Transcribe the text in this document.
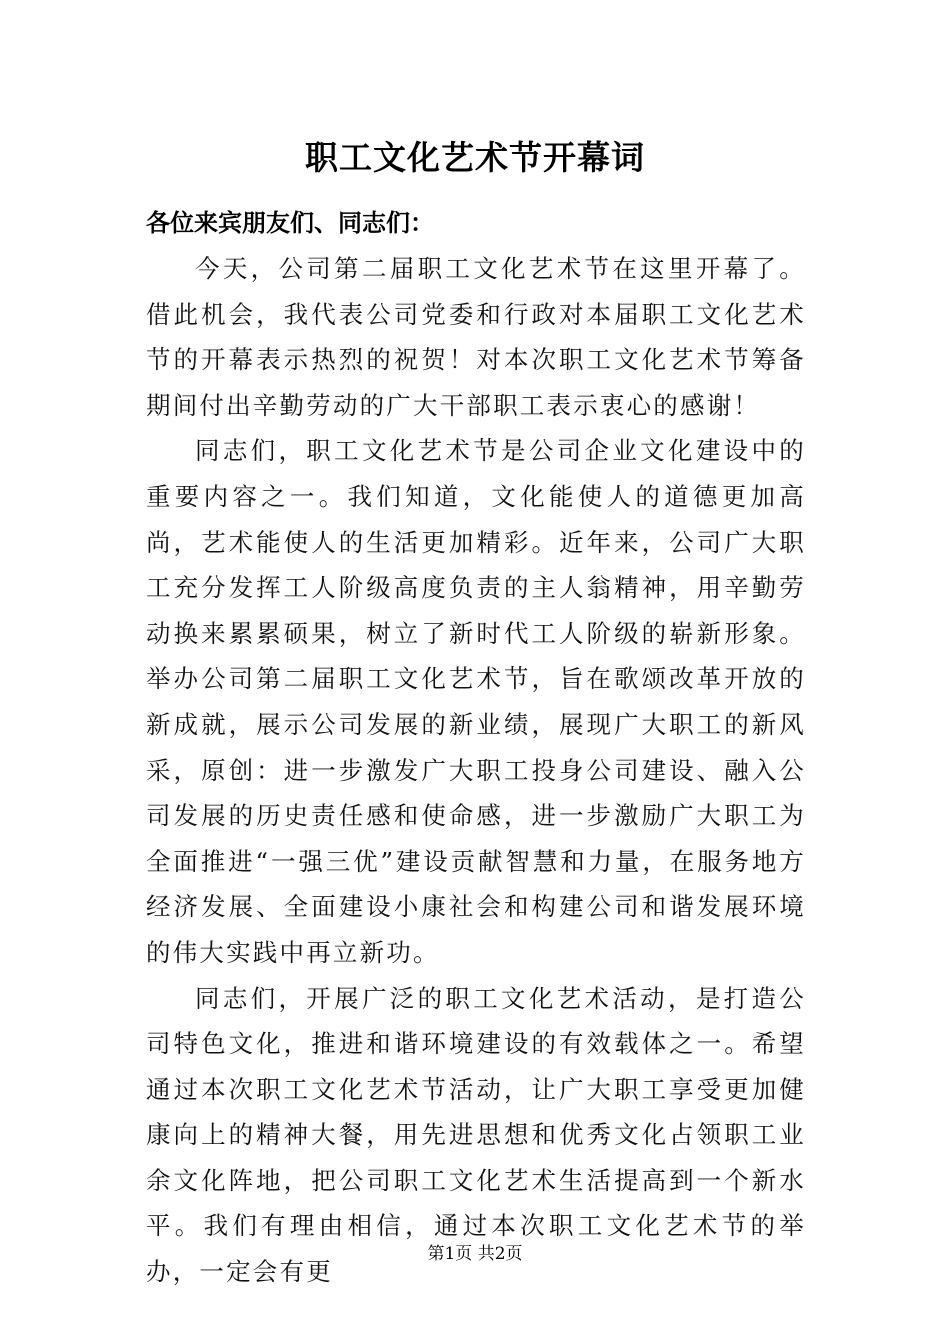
职工文化艺术节开幕词
各位来宾朋友们、同志们：

今天，公司第二届职工文化艺术节在这里开幕了。借此机会，我代表公司党委和行政对本届职工文化艺术节的开幕表示热烈的祝贺！对本次职工文化艺术节筹备期间付出辛勤劳动的广大干部职工表示衷心的感谢！

同志们，职工文化艺术节是公司企业文化建设中的重要内容之一。我们知道，文化能使人的道德更加高尚，艺术能使人的生活更加精彩。近年来，公司广大职工充分发挥工人阶级高度负责的主人翁精神，用辛勤劳动换来累累硕果，树立了新时代工人阶级的崭新形象。举办公司第二届职工文化艺术节，旨在歌颂改革开放的新成就，展示公司发展的新业绩，展现广大职工的新风采，原创：进一步激发广大职工投身公司建设、融入公司发展的历史责任感和使命感，进一步激励广大职工为全面推进“一强三优”建设贡献智慧和力量，在服务地方经济发展、全面建设小康社会和构建公司和谐发展环境的伟大实践中再立新功。

同志们，开展广泛的职工文化艺术活动，是打造公司特色文化，推进和谐环境建设的有效载体之一。希望通过本次职工文化艺术节活动，让广大职工享受更加健康向上的精神大餐，用先进思想和优秀文化占领职工业余文化阵地，把公司职工文化艺术生活提高到一个新水平。我们有理由相信，通过本次职工文化艺术节的举办，一定会有更

第1页 共2页
